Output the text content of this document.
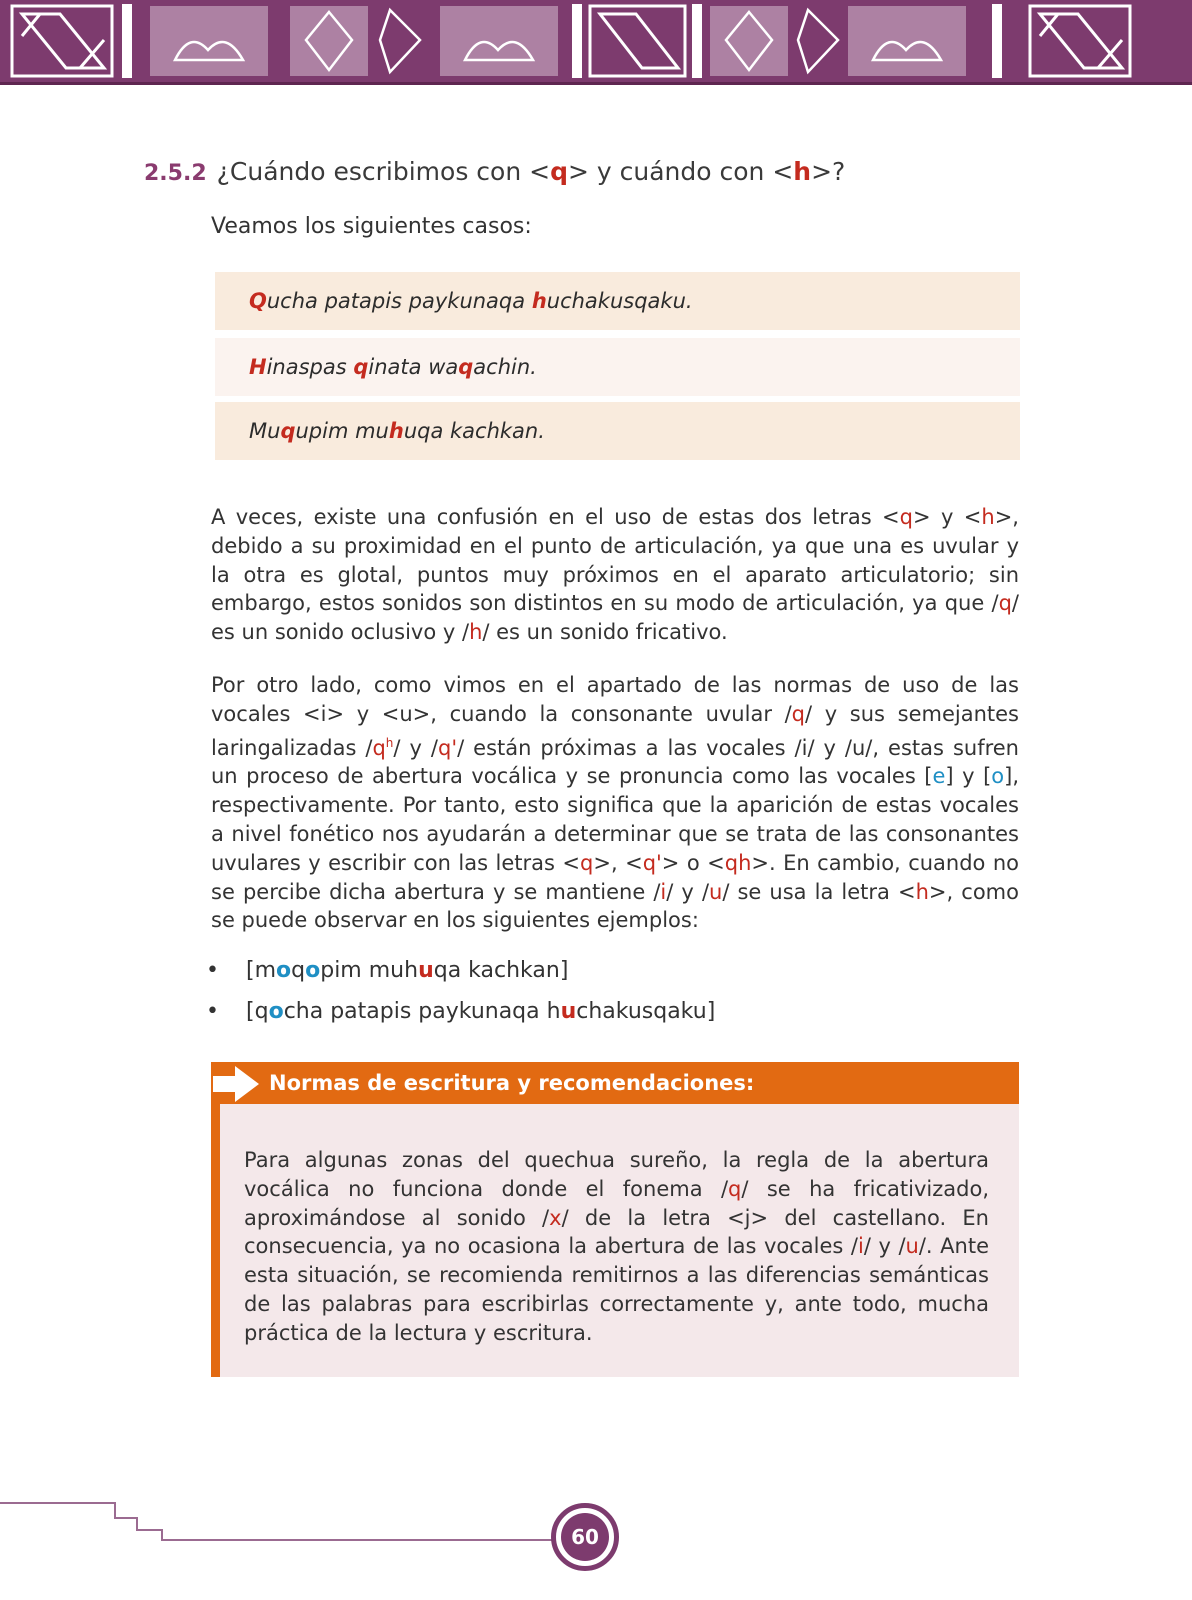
2.5.2 ¿Cuándo escribimos con <q> y cuándo con <h>?
Veamos los siguientes casos:
Qucha patapis paykunaqa huchakusqaku.
Hinaspas qinata waqachin.
Muqupim muhuqa kachkan.
A veces, existe una confusión en el uso de estas dos letras <q> y <h>, debido a su proximidad en el punto de articulación, ya que una es uvular y la otra es glotal, puntos muy próximos en el aparato articulatorio; sin embargo, estos sonidos son distintos en su modo de articulación, ya que /q/ es un sonido oclusivo y /h/ es un sonido fricativo.
Por otro lado, como vimos en el apartado de las normas de uso de las vocales <i> y <u>, cuando la consonante uvular /q/ y sus semejantes laringalizadas $/q^h/$ y /q'/ están próximas a las vocales /i/ y /u/, estas sufren un proceso de abertura vocálica y se pronuncia como las vocales [e] y [o], respectivamente. Por tanto, esto significa que la aparición de estas vocales a nivel fonético nos ayudarán a determinar que se trata de las consonantes uvulares y escribir con las letras <q>, <q'> o <qh>. En cambio, cuando no se percibe dicha abertura y se mantiene /i/ y /u/ se usa la letra <h>, como se puede observar en los siguientes ejemplos:
• [moqopim muhuqa kachkan]
• [qocha patapis paykunaqa huchakusqaku]
Normas de escritura y recomendaciones:
Para algunas zonas del quechua sureño, la regla de la abertura vocálica no funciona donde el fonema /q/ se ha fricativizado, aproximándose al sonido /x/ de la letra <j> del castellano. En consecuencia, ya no ocasiona la abertura de las vocales /i/ y /u/. Ante esta situación, se recomienda remitirnos a las diferencias semánticas de las palabras para escribirlas correctamente y, ante todo, mucha práctica de la lectura y escritura.
60
